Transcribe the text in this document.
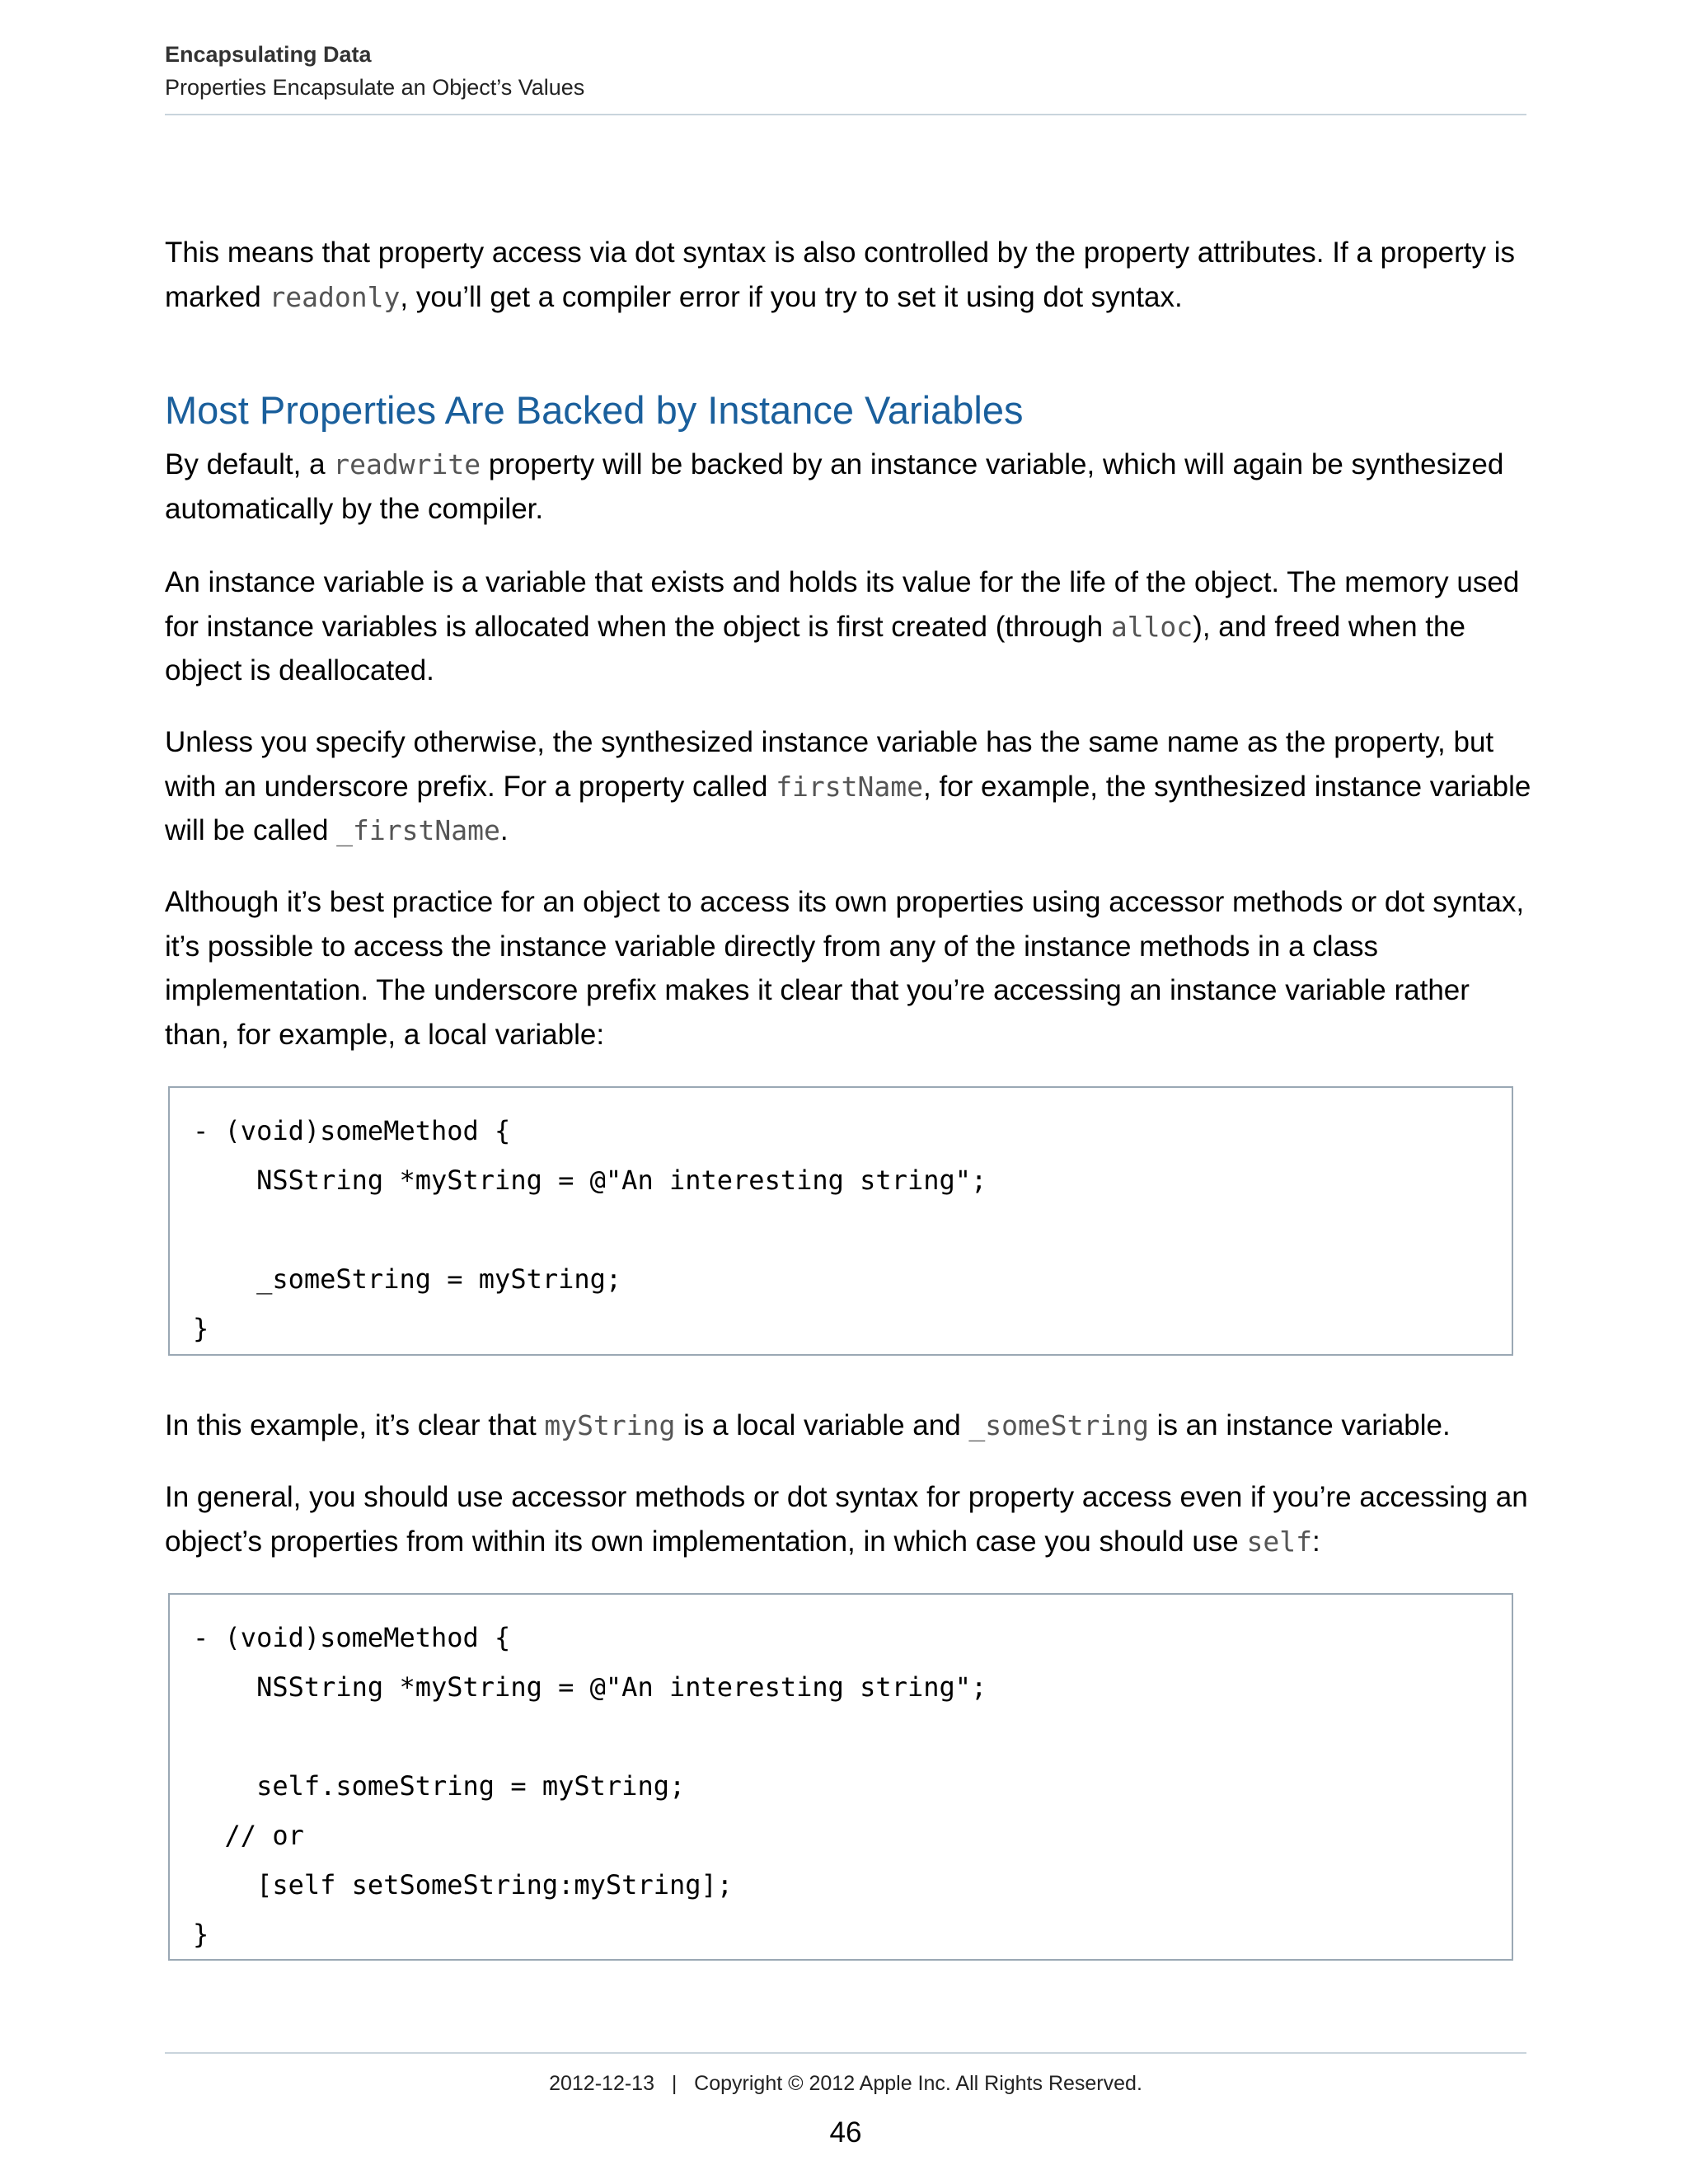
Encapsulating Data
Properties Encapsulate an Object’s Values

This means that property access via dot syntax is also controlled by the property attributes. If a property is marked readonly, you’ll get a compiler error if you try to set it using dot syntax.

Most Properties Are Backed by Instance Variables

By default, a readwrite property will be backed by an instance variable, which will again be synthesized automatically by the compiler.

An instance variable is a variable that exists and holds its value for the life of the object. The memory used for instance variables is allocated when the object is first created (through alloc), and freed when the object is deallocated.

Unless you specify otherwise, the synthesized instance variable has the same name as the property, but with an underscore prefix. For a property called firstName, for example, the synthesized instance variable will be called _firstName.

Although it’s best practice for an object to access its own properties using accessor methods or dot syntax, it’s possible to access the instance variable directly from any of the instance methods in a class implementation. The underscore prefix makes it clear that you’re accessing an instance variable rather than, for example, a local variable:

- (void)someMethod {
NSString *myString = @"An interesting string";
_someString = myString;
}

In this example, it’s clear that myString is a local variable and _someString is an instance variable.

In general, you should use accessor methods or dot syntax for property access even if you’re accessing an object’s properties from within its own implementation, in which case you should use self:

- (void)someMethod {
NSString *myString = @"An interesting string";
self.someString = myString;
// or
[self setSomeString:myString];
}
2012-12-13 | Copyright © 2012 Apple Inc. All Rights Reserved.
46
